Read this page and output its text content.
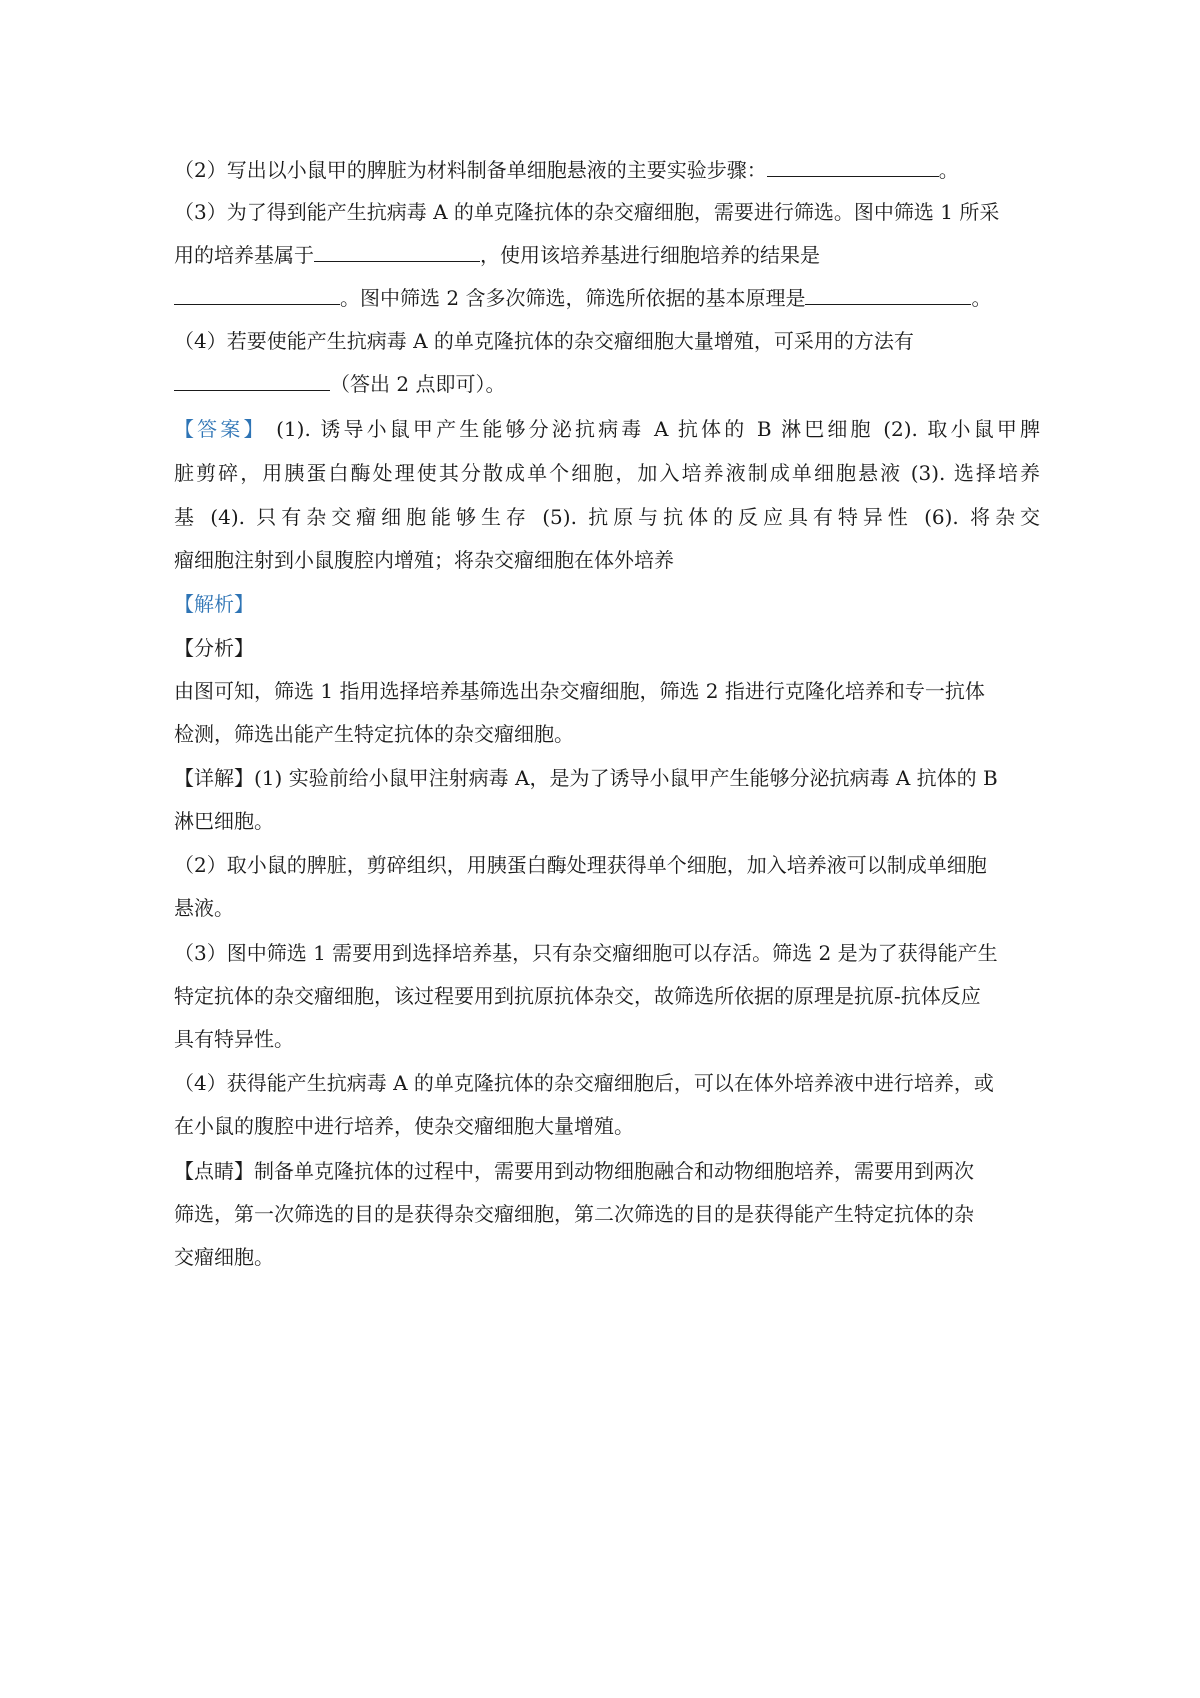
（2）写出以小鼠甲的脾脏为材料制备单细胞悬液的主要实验步骤：	。
（3）为了得到能产生抗病毒 A 的单克隆抗体的杂交瘤细胞，需要进行筛选。图中筛选 1 所采
用的培养基属于	，使用该培养基进行细胞培养的结果是
。图中筛选 2 含多次筛选，筛选所依据的基本原理是	。
（4）若要使能产生抗病毒 A 的单克隆抗体的杂交瘤细胞大量增殖，可采用的方法有
（答出 2 点即可）。
【答案】 (1). 诱导小鼠甲产生能够分泌抗病毒 A 抗体的 B 淋巴细胞 (2). 取小鼠甲脾
脏剪碎，用胰蛋白酶处理使其分散成单个细胞，加入培养液制成单细胞悬液 (3). 选择培养
基 (4). 只有杂交瘤细胞能够生存 (5). 抗原与抗体的反应具有特异性 (6). 将杂交
瘤细胞注射到小鼠腹腔内增殖；将杂交瘤细胞在体外培养
【解析】
【分析】
由图可知，筛选 1 指用选择培养基筛选出杂交瘤细胞，筛选 2 指进行克隆化培养和专一抗体
检测，筛选出能产生特定抗体的杂交瘤细胞。
【详解】(1) 实验前给小鼠甲注射病毒 A，是为了诱导小鼠甲产生能够分泌抗病毒 A 抗体的 B
淋巴细胞。
（2）取小鼠的脾脏，剪碎组织，用胰蛋白酶处理获得单个细胞，加入培养液可以制成单细胞
悬液。
（3）图中筛选 1 需要用到选择培养基，只有杂交瘤细胞可以存活。筛选 2 是为了获得能产生
特定抗体的杂交瘤细胞，该过程要用到抗原抗体杂交，故筛选所依据的原理是抗原-抗体反应
具有特异性。
（4）获得能产生抗病毒 A 的单克隆抗体的杂交瘤细胞后，可以在体外培养液中进行培养，或
在小鼠的腹腔中进行培养，使杂交瘤细胞大量增殖。
【点睛】制备单克隆抗体的过程中，需要用到动物细胞融合和动物细胞培养，需要用到两次
筛选，第一次筛选的目的是获得杂交瘤细胞，第二次筛选的目的是获得能产生特定抗体的杂
交瘤细胞。
